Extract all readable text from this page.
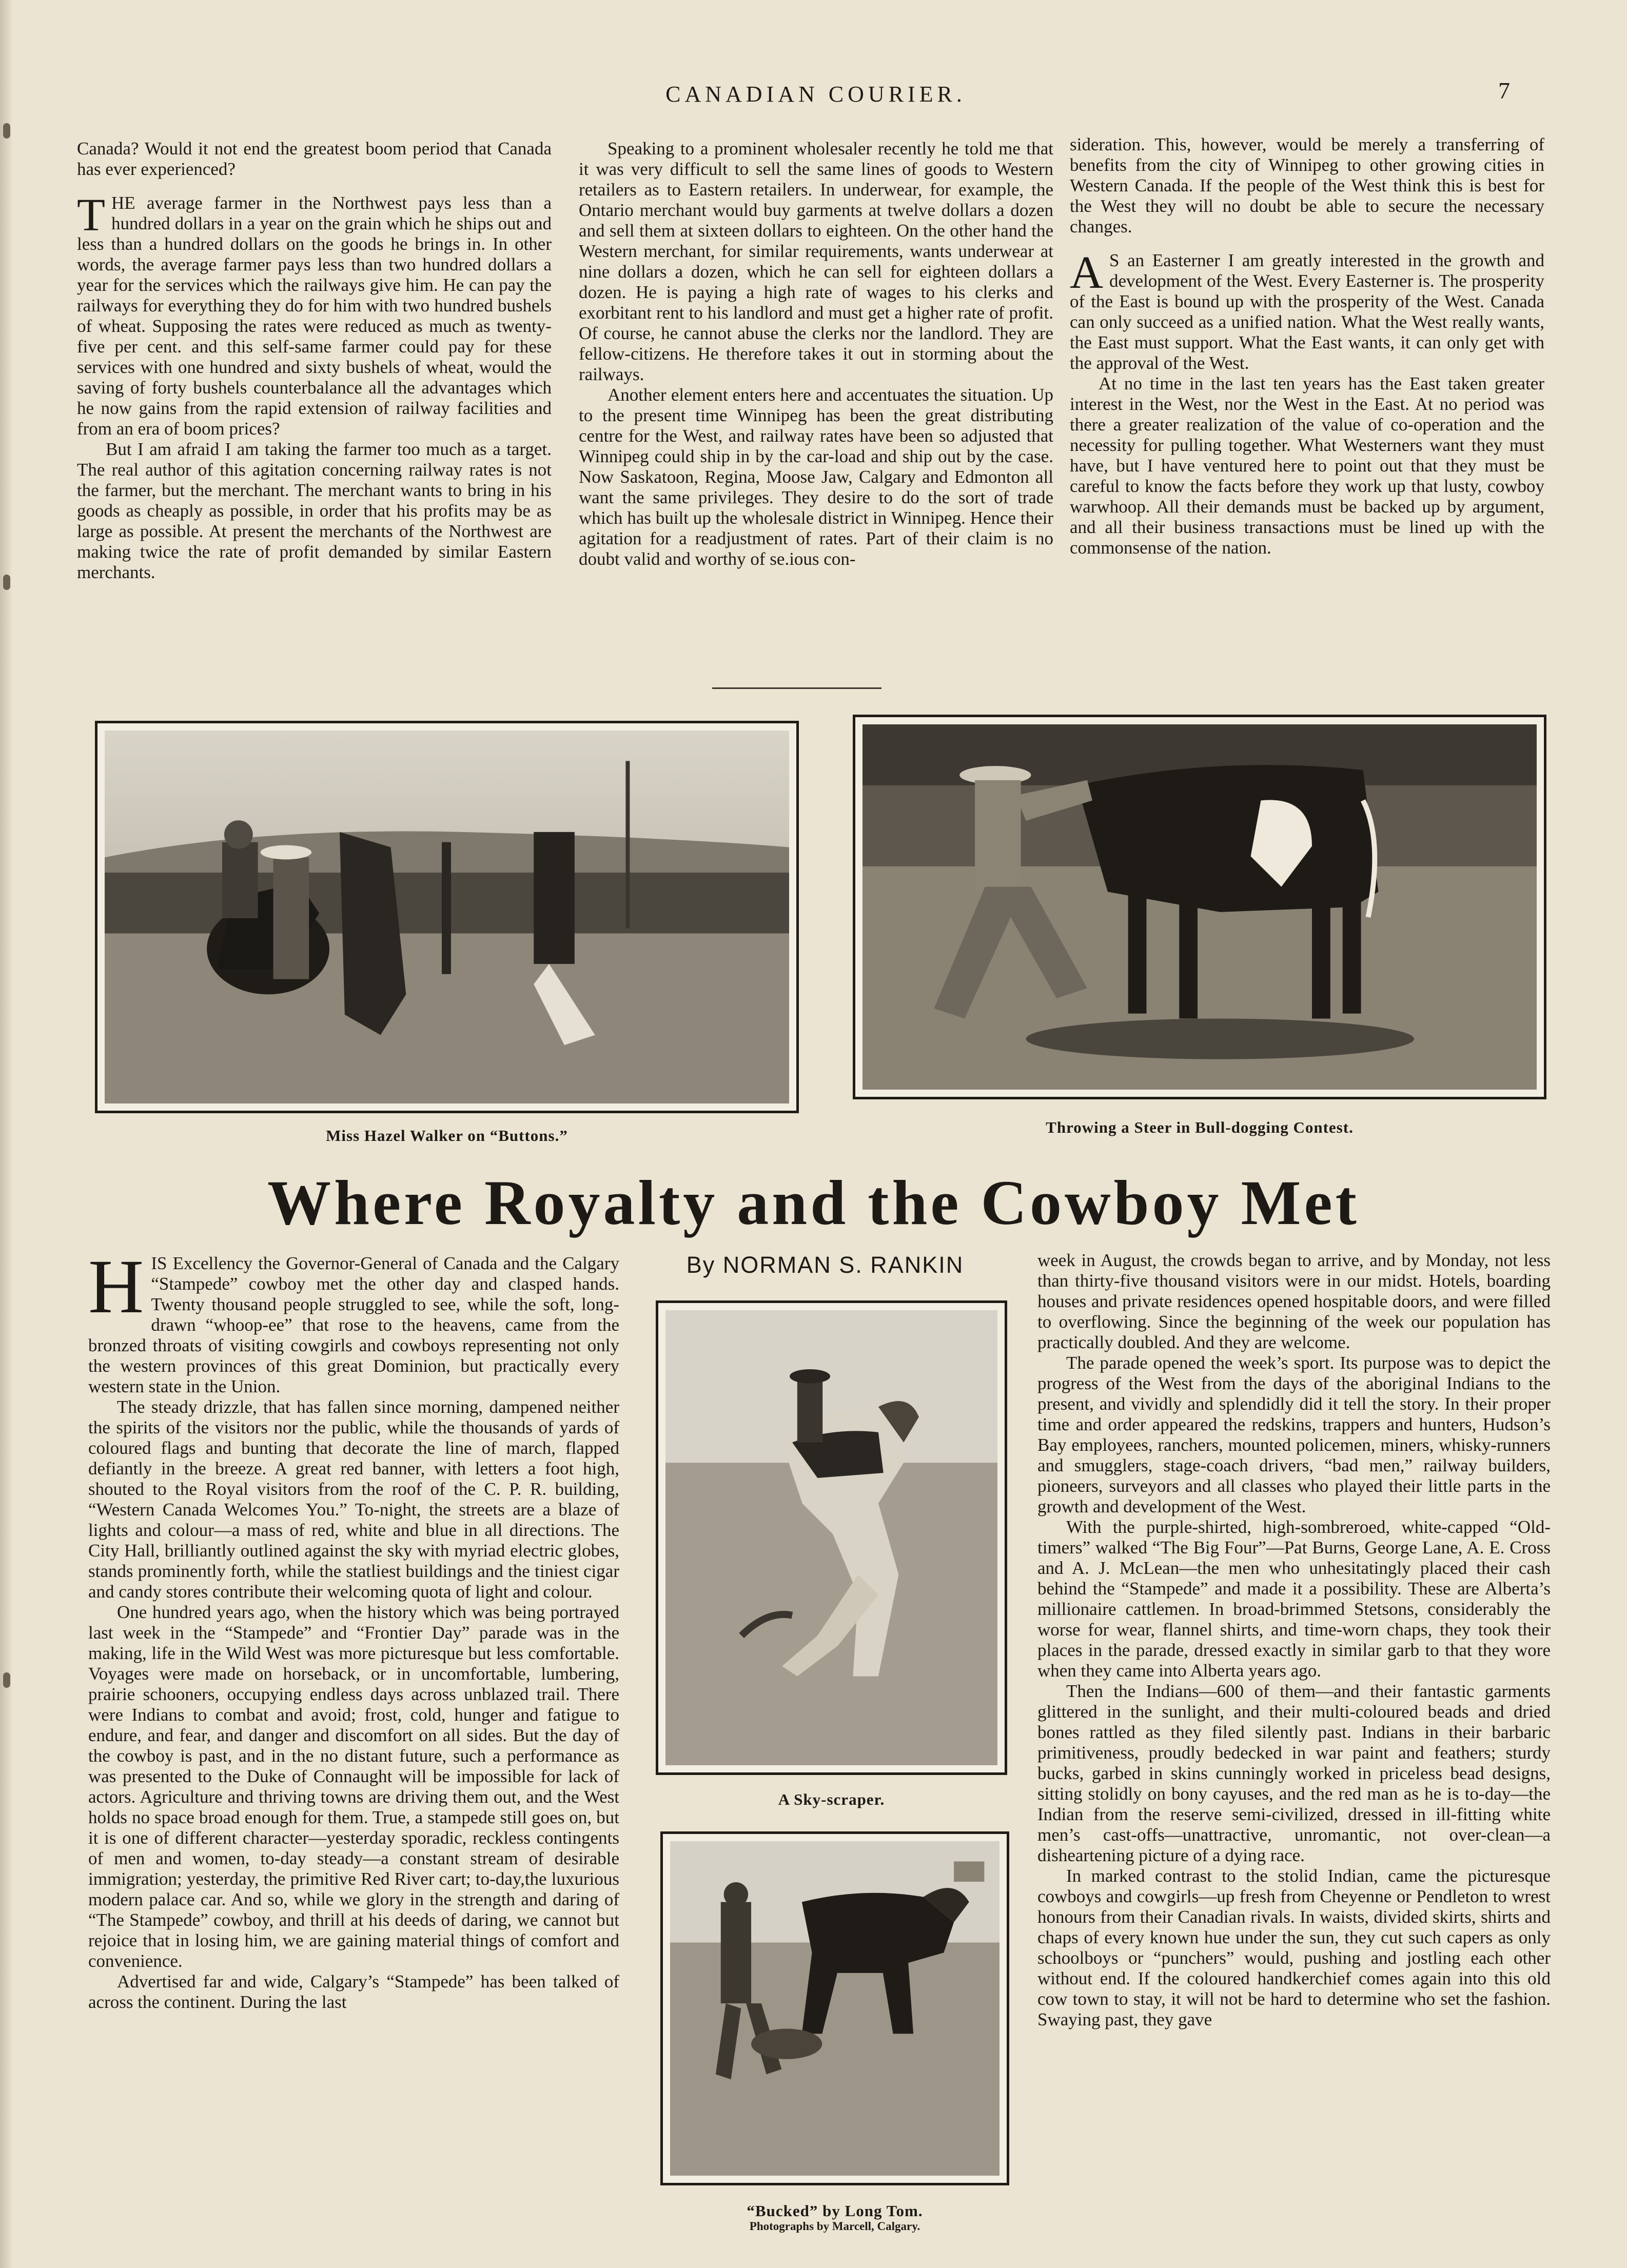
CANADIAN COURIER.	7

Canada? Would it not end the greatest boom period that Canada has ever experienced?

THE average farmer in the Northwest pays less than a hundred dollars in a year on the grain which he ships out and less than a hundred dollars on the goods he brings in. In other words, the average farmer pays less than two hundred dollars a year for the services which the railways give him. He can pay the railways for everything they do for him with two hundred bushels of wheat. Supposing the rates were reduced as much as twenty-five per cent. and this self-same farmer could pay for these services with one hundred and sixty bushels of wheat, would the saving of forty bushels counterbalance all the advantages which he now gains from the rapid extension of railway facilities and from an era of boom prices?

But I am afraid I am taking the farmer too much as a target. The real author of this agitation concerning railway rates is not the farmer, but the merchant. The merchant wants to bring in his goods as cheaply as possible, in order that his profits may be as large as possible. At present the merchants of the Northwest are making twice the rate of profit demanded by similar Eastern merchants.

Speaking to a prominent wholesaler recently he told me that it was very difficult to sell the same lines of goods to Western retailers as to Eastern retailers. In underwear, for example, the Ontario merchant would buy garments at twelve dollars a dozen and sell them at sixteen dollars to eighteen. On the other hand the Western merchant, for similar requirements, wants underwear at nine dollars a dozen, which he can sell for eighteen dollars a dozen. He is paying a high rate of wages to his clerks and exorbitant rent to his landlord and must get a higher rate of profit. Of course, he cannot abuse the clerks nor the landlord. They are fellow-citizens. He therefore takes it out in storming about the railways.

Another element enters here and accentuates the situation. Up to the present time Winnipeg has been the great distributing centre for the West, and railway rates have been so adjusted that Winnipeg could ship in by the car-load and ship out by the case. Now Saskatoon, Regina, Moose Jaw, Calgary and Edmonton all want the same privileges. They desire to do the sort of trade which has built up the wholesale district in Winnipeg. Hence their agitation for a readjustment of rates. Part of their claim is no doubt valid and worthy of se.ious con-

sideration. This, however, would be merely a transferring of benefits from the city of Winnipeg to other growing cities in Western Canada. If the people of the West think this is best for the West they will no doubt be able to secure the necessary changes.

A S an Easterner I am greatly interested in the growth and development of the West. Every Easterner is. The prosperity of the East is bound up with the prosperity of the West. Canada can only succeed as a unified nation. What the West really wants, the East must support. What the East wants, it can only get with the approval of the West.

At no time in the last ten years has the East taken greater interest in the West, nor the West in the East. At no period was there a greater realization of the value of co-operation and the necessity for pulling together. What Westerners want they must have, but I have ventured here to point out that they must be careful to know the facts before they work up that lusty, cowboy warwhoop. All their demands must be backed up by argument, and all their business transactions must be lined up with the commonsense of the nation.

Miss Hazel Walker on “Buttons.”	Throwing a Steer in Bull-dogging Contest.
Where Royalty and the Cowboy Met
By NORMAN S. RANKIN

HIS Excellency the Governor-General of Canada and the Calgary “Stampede” cowboy met the other day and clasped hands. Twenty thousand people struggled to see, while the soft, long-drawn “whoop-ee” that rose to the heavens, came from the bronzed throats of visiting cowgirls and cowboys representing not only the western provinces of this great Dominion, but practically every western state in the Union.

The steady drizzle, that has fallen since morning, dampened neither the spirits of the visitors nor the public, while the thousands of yards of coloured flags and bunting that decorate the line of march, flapped defiantly in the breeze. A great red banner, with letters a foot high, shouted to the Royal visitors from the roof of the C. P. R. building, “Western Canada Welcomes You.” To-night, the streets are a blaze of lights and colour—a mass of red, white and blue in all directions. The City Hall, brilliantly outlined against the sky with myriad electric globes, stands prominently forth, while the statliest buildings and the tiniest cigar and candy stores contribute their welcoming quota of light and colour.

One hundred years ago, when the history which was being portrayed last week in the “Stampede” and “Frontier Day” parade was in the making, life in the Wild West was more picturesque but less comfortable. Voyages were made on horseback, or in uncomfortable, lumbering, prairie schooners, occupying endless days across unblazed trail. There were Indians to combat and avoid; frost, cold, hunger and fatigue to endure, and fear, and danger and discomfort on all sides. But the day of the cowboy is past, and in the no distant future, such a performance as was presented to the Duke of Connaught will be impossible for lack of actors. Agriculture and thriving towns are driving them out, and the West holds no space broad enough for them. True, a stampede still goes on, but it is one of different character—yesterday sporadic, reckless contingents of men and women, to-day steady—a constant stream of desirable immigration; yesterday, the primitive Red River cart; to-day,the luxurious modern palace car. And so, while we glory in the strength and daring of “The Stampede” cowboy, and thrill at his deeds of daring, we cannot but rejoice that in losing him, we are gaining material things of comfort and convenience.

Advertised far and wide, Calgary’s “Stampede” has been talked of across the continent. During the last

A Sky-scraper.
“Bucked” by Long Tom.
Photographs by Marcell, Calgary.

week in August, the crowds began to arrive, and by Monday, not less than thirty-five thousand visitors were in our midst. Hotels, boarding houses and private residences opened hospitable doors, and were filled to overflowing. Since the beginning of the week our population has practically doubled. And they are welcome.

The parade opened the week’s sport. Its purpose was to depict the progress of the West from the days of the aboriginal Indians to the present, and vividly and splendidly did it tell the story. In their proper time and order appeared the redskins, trappers and hunters, Hudson’s Bay employees, ranchers, mounted policemen, miners, whisky-runners and smugglers, stage-coach drivers, “bad men,” railway builders, pioneers, surveyors and all classes who played their little parts in the growth and development of the West.

With the purple-shirted, high-sombreroed, white-capped “Old-timers” walked “The Big Four”—Pat Burns, George Lane, A. E. Cross and A. J. McLean—the men who unhesitatingly placed their cash behind the “Stampede” and made it a possibility. These are Alberta’s millionaire cattlemen. In broad-brimmed Stetsons, considerably the worse for wear, flannel shirts, and time-worn chaps, they took their places in the parade, dressed exactly in similar garb to that they wore when they came into Alberta years ago.

Then the Indians—600 of them—and their fantastic garments glittered in the sunlight, and their multi-coloured beads and dried bones rattled as they filed silently past. Indians in their barbaric primitiveness, proudly bedecked in war paint and feathers; sturdy bucks, garbed in skins cunningly worked in priceless bead designs, sitting stolidly on bony cayuses, and the red man as he is to-day—the Indian from the reserve semi-civilized, dressed in ill-fitting white men’s cast-offs—unattractive, unromantic, not over-clean—a disheartening picture of a dying race.

In marked contrast to the stolid Indian, came the picturesque cowboys and cowgirls—up fresh from Cheyenne or Pendleton to wrest honours from their Canadian rivals. In waists, divided skirts, shirts and chaps of every known hue under the sun, they cut such capers as only schoolboys or “punchers” would, pushing and jostling each other without end. If the coloured handkerchief comes again into this old cow town to stay, it will not be hard to determine who set the fashion. Swaying past, they gave
